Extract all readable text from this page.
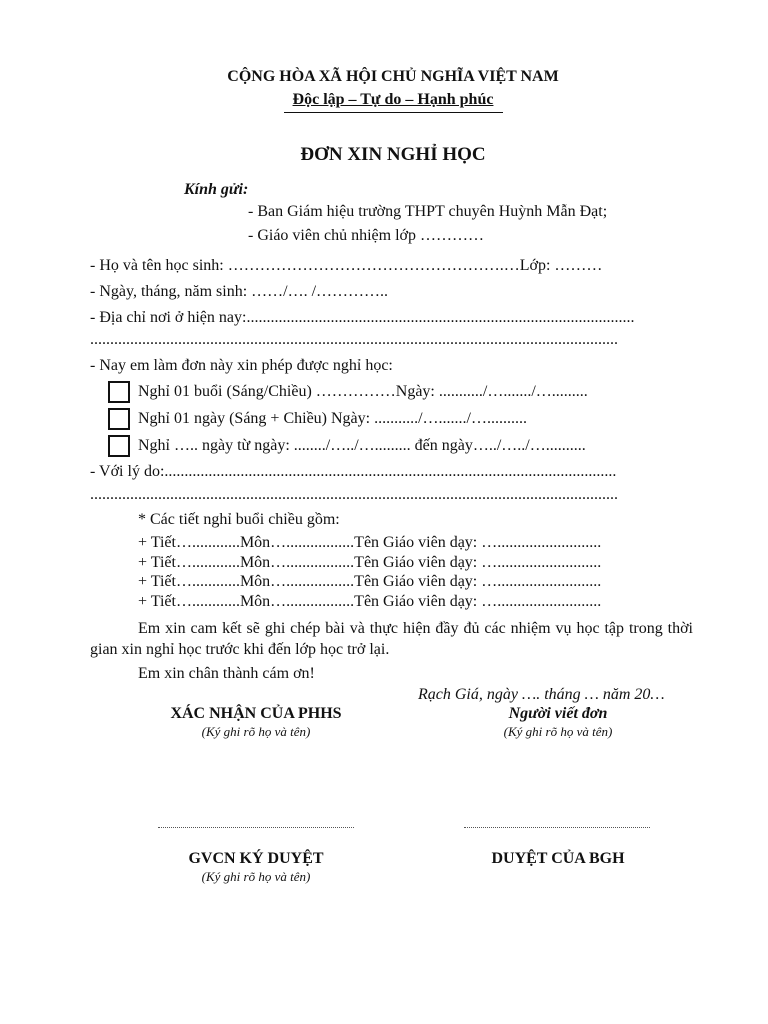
CỘNG HÒA XÃ HỘI CHỦ NGHĨA VIỆT NAM
Độc lập – Tự do – Hạnh phúc
ĐƠN XIN NGHỈ HỌC
Kính gửi:
- Ban Giám hiệu trường THPT chuyên Huỳnh Mẫn Đạt;
- Giáo viên chủ nhiệm lớp …………
- Họ và tên học sinh: …………………………………………….…Lớp: ………
- Ngày, tháng, năm sinh: ……/…. /…………..
- Địa chỉ nơi ở hiện nay:.................................................................................................
....................................................................................................................................
- Nay em làm đơn này xin phép được nghỉ học:
Nghỉ 01 buổi (Sáng/Chiều) ……………Ngày: .........../…......./….........
Nghỉ 01 ngày (Sáng + Chiều) Ngày: .........../…......./…..........
Nghỉ ….. ngày từ ngày: ......../…../…......... đến ngày…../…../…..........
- Với lý do:.................................................................................................................
....................................................................................................................................
* Các tiết nghỉ buổi chiều gồm:
+ Tiết…............Môn….................Tên Giáo viên dạy: …..........................
+ Tiết…............Môn….................Tên Giáo viên dạy: …..........................
+ Tiết…............Môn….................Tên Giáo viên dạy: …..........................
+ Tiết…............Môn….................Tên Giáo viên dạy: …..........................
Em xin cam kết sẽ ghi chép bài và thực hiện đầy đủ các nhiệm vụ học tập trong thời gian xin nghỉ học trước khi đến lớp học trở lại.
Em xin chân thành cám ơn!
Rạch Giá, ngày …. tháng … năm 20…
XÁC NHẬN CỦA PHHS
(Ký ghi rõ họ và tên)
Người viết đơn
(Ký ghi rõ họ và tên)
GVCN KÝ DUYỆT
(Ký ghi rõ họ và tên)
DUYỆT CỦA BGH
